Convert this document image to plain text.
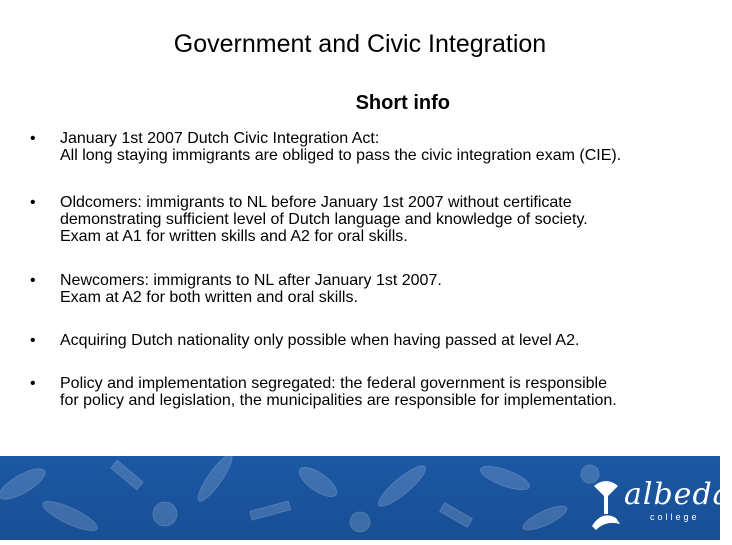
Government and Civic Integration
Short info
•	January 1st 2007 Dutch Civic Integration Act:
All long staying immigrants are obliged to pass the civic integration exam (CIE).
•	Oldcomers: immigrants to NL before January 1st 2007 without certificate
demonstrating sufficient level of Dutch language and knowledge of society.
Exam at A1 for written skills and A2 for oral skills.
•	Newcomers: immigrants to NL after January 1st 2007.
Exam at A2 for both written and oral skills.
•	Acquiring Dutch nationality only possible when having passed at level A2.
•	Policy and implementation segregated: the federal government is responsible
for policy and legislation, the municipalities are responsible for implementation.
albeda
college
